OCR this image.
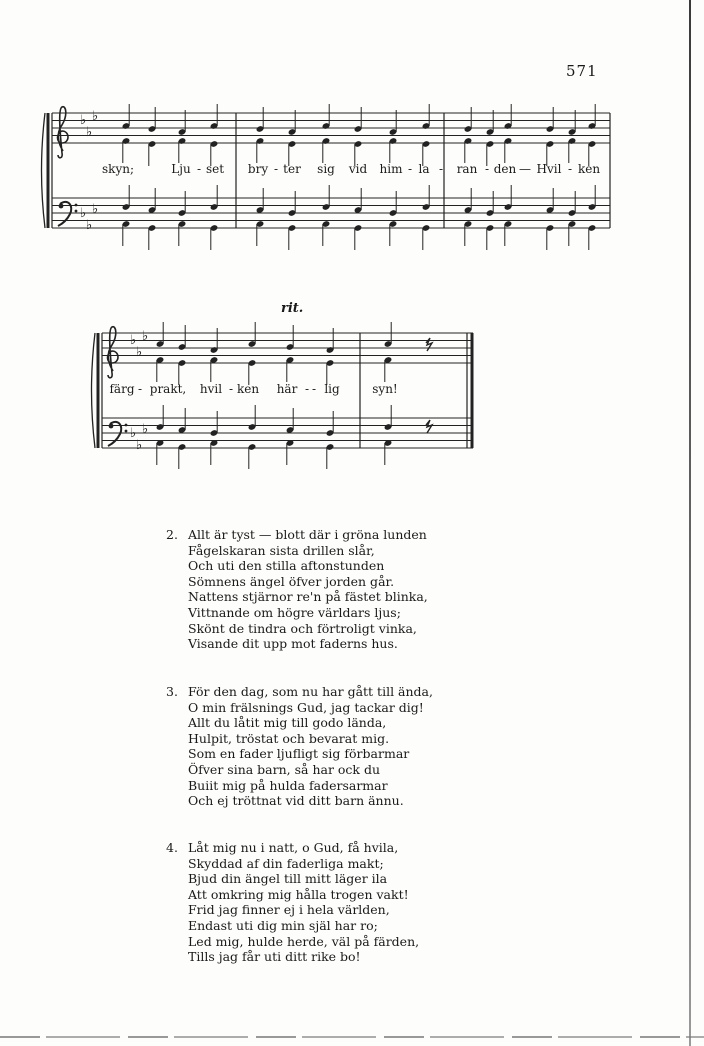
571
♭
♭
♭
♭
♭
♭
♭
♭
♭
♭
♭
♭
skyn;	Lju - set bry - ter sig vid him - la - ran - den — Hvil - ken
rit.
färg - prakt, hvil - ken här - - lig	syn!
2. Allt är tyst — blott där i gröna lunden
Fågelskaran sista drillen slår,
Och uti den stilla aftonstunden
Sömnens ängel öfver jorden går.
Nattens stjärnor re'n på fästet blinka,
Vittnande om högre världars ljus;
Skönt de tindra och förtroligt vinka,
Visande dit upp mot faderns hus.
3. För den dag, som nu har gått till ända,
O min frälsnings Gud, jag tackar dig!
Allt du låtit mig till godo lända,
Hulpit, tröstat och bevarat mig.
Som en fader ljufligt sig förbarmar
Öfver sina barn, så har ock du
Buiit mig på hulda fadersarmar
Och ej tröttnat vid ditt barn ännu.
4. Låt mig nu i natt, o Gud, få hvila,
Skyddad af din faderliga makt;
Bjud din ängel till mitt läger ila
Att omkring mig hålla trogen vakt!
Frid jag finner ej i hela världen,
Endast uti dig min själ har ro;
Led mig, hulde herde, väl på färden,
Tills jag får uti ditt rike bo!
